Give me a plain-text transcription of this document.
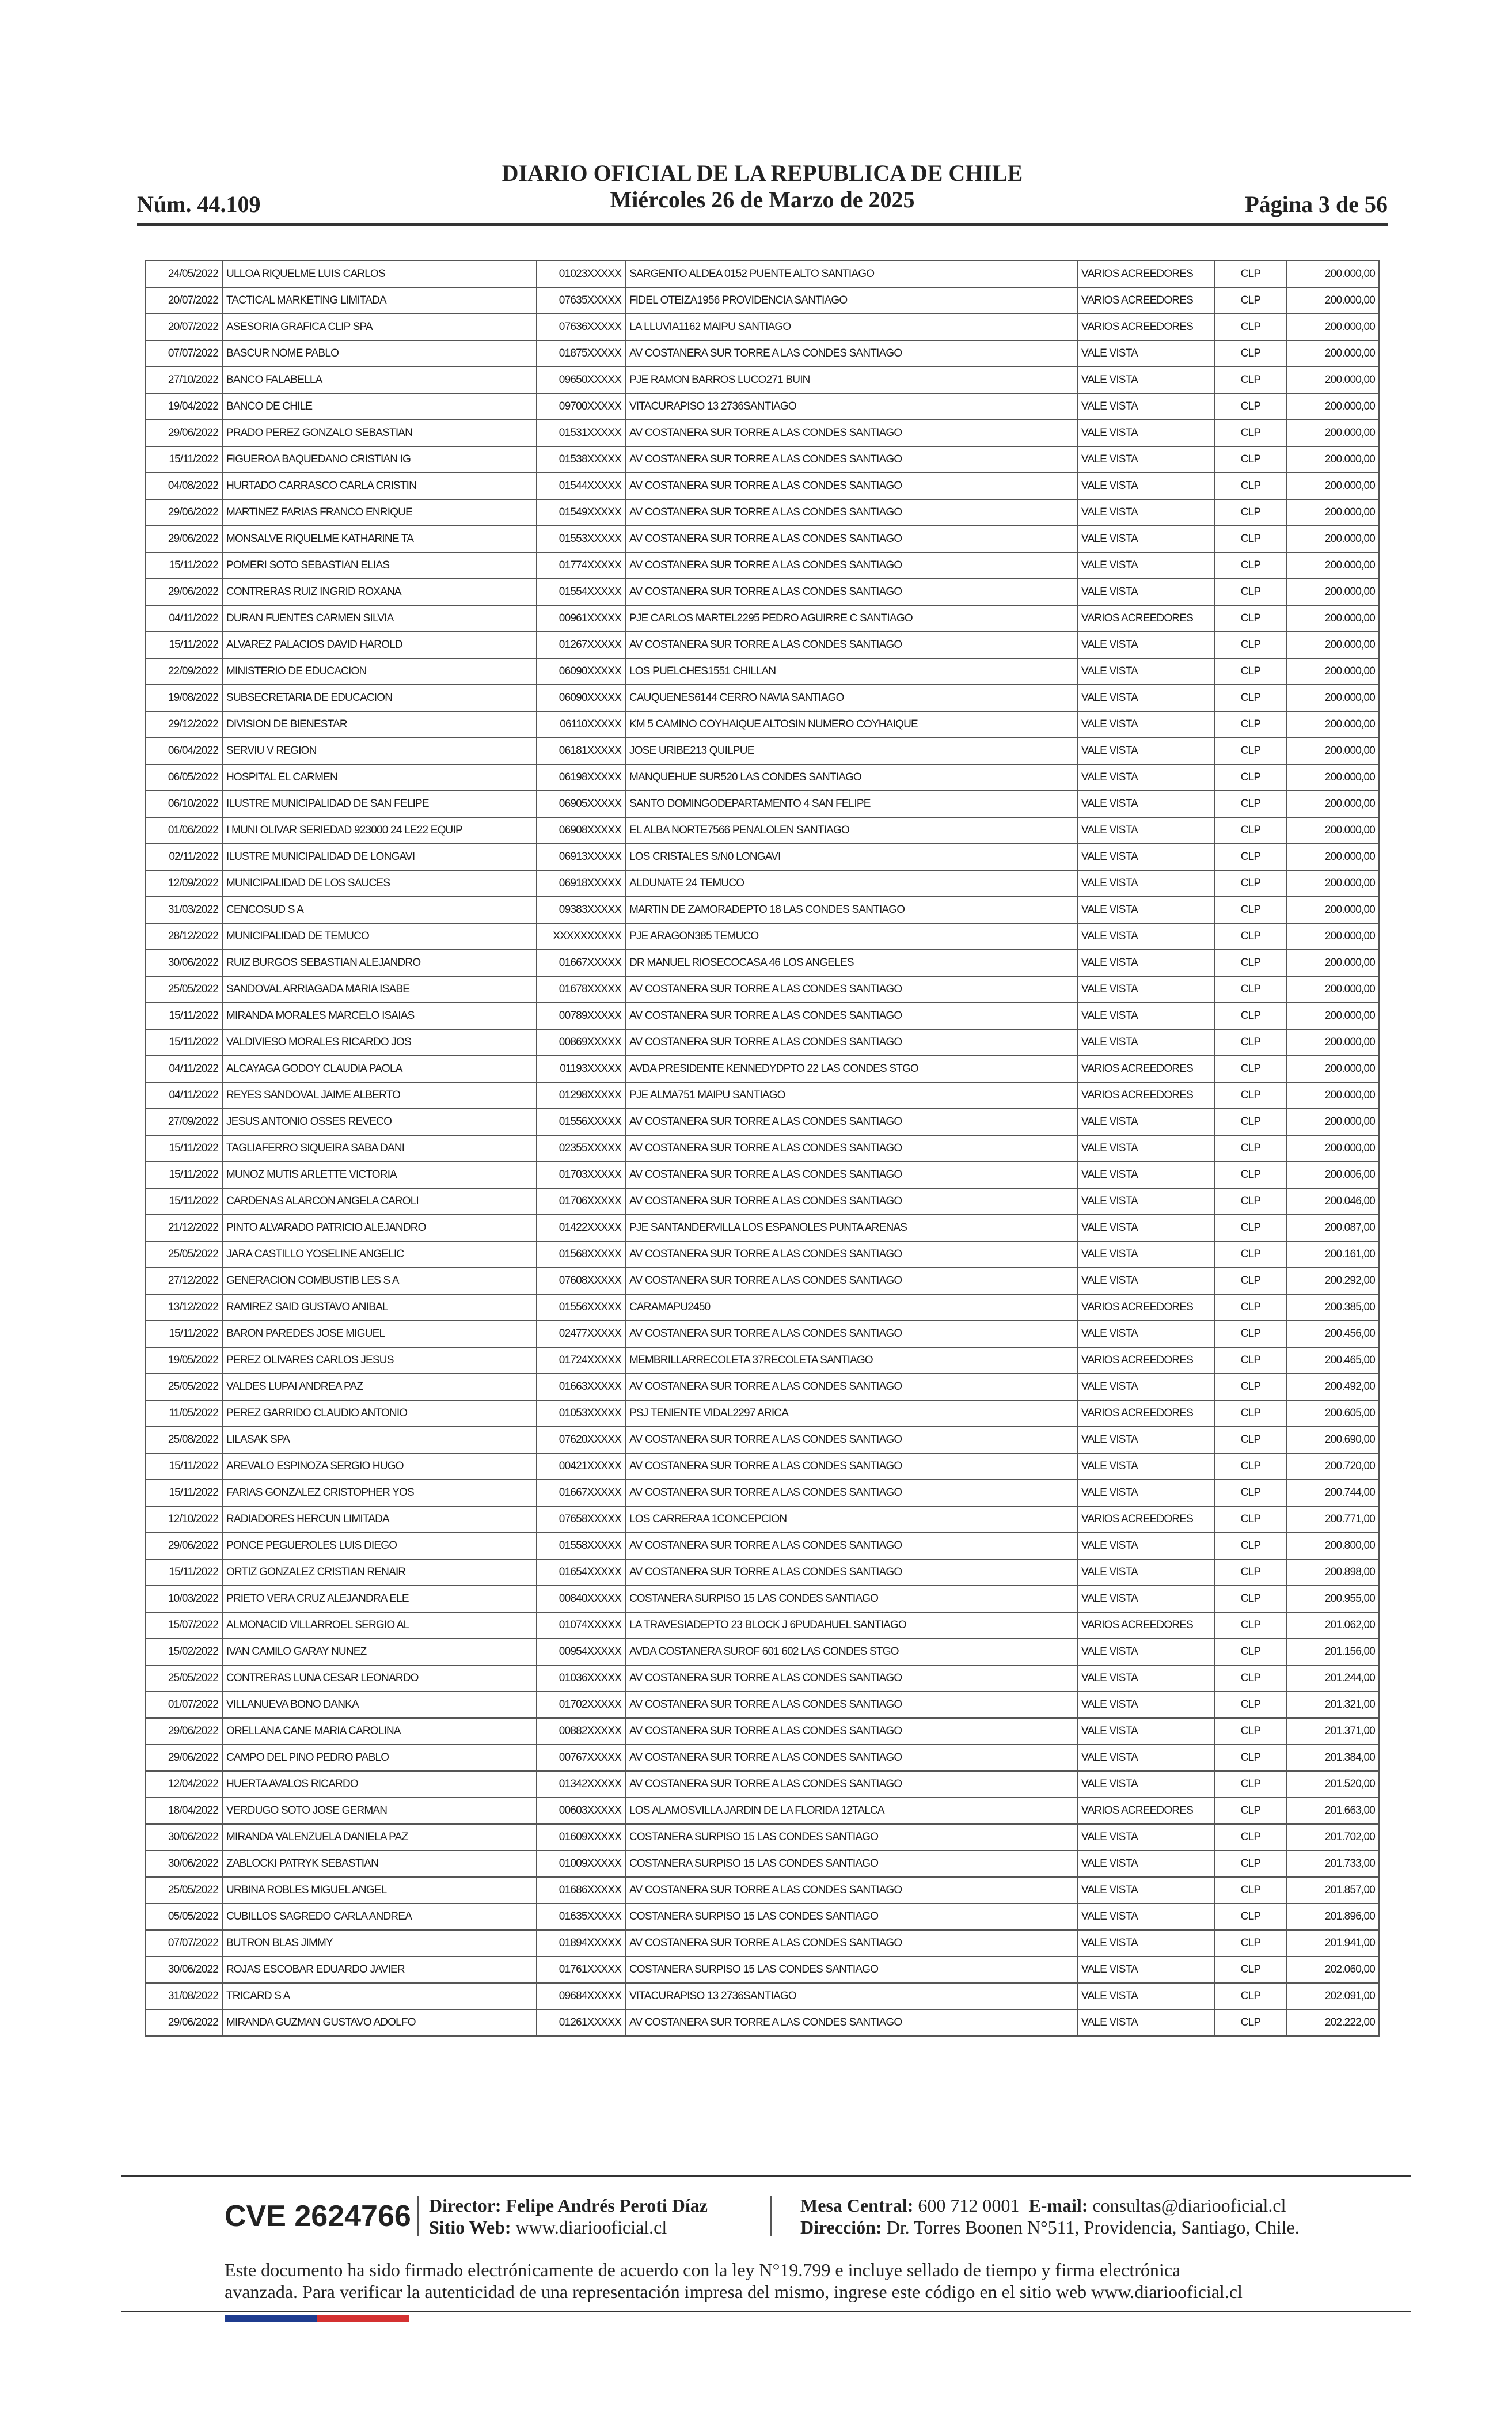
Núm. 44.109
DIARIO OFICIAL DE LA REPUBLICA DE CHILE
Miércoles 26 de Marzo de 2025	Página 3 de 56
24/05/2022	ULLOA RIQUELME LUIS CARLOS	01023XXXXX	SARGENTO ALDEA 0152 PUENTE ALTO SANTIAGO	VARIOS ACREEDORES	CLP	200.000,00
20/07/2022	TACTICAL MARKETING LIMITADA	07635XXXXX	FIDEL OTEIZA1956 PROVIDENCIA SANTIAGO	VARIOS ACREEDORES	CLP	200.000,00
20/07/2022	ASESORIA GRAFICA CLIP SPA	07636XXXXX	LA LLUVIA1162 MAIPU SANTIAGO	VARIOS ACREEDORES	CLP	200.000,00
07/07/2022	BASCUR NOME PABLO	01875XXXXX	AV COSTANERA SUR TORRE A LAS CONDES SANTIAGO	VALE VISTA	CLP	200.000,00
27/10/2022	BANCO FALABELLA	09650XXXXX	PJE RAMON BARROS LUCO271 BUIN	VALE VISTA	CLP	200.000,00
19/04/2022	BANCO DE CHILE	09700XXXXX	VITACURAPISO 13 2736SANTIAGO	VALE VISTA	CLP	200.000,00
29/06/2022	PRADO PEREZ GONZALO SEBASTIAN	01531XXXXX	AV COSTANERA SUR TORRE A LAS CONDES SANTIAGO	VALE VISTA	CLP	200.000,00
15/11/2022	FIGUEROA BAQUEDANO CRISTIAN IG	01538XXXXX	AV COSTANERA SUR TORRE A LAS CONDES SANTIAGO	VALE VISTA	CLP	200.000,00
04/08/2022	HURTADO CARRASCO CARLA CRISTIN	01544XXXXX	AV COSTANERA SUR TORRE A LAS CONDES SANTIAGO	VALE VISTA	CLP	200.000,00
29/06/2022	MARTINEZ FARIAS FRANCO ENRIQUE	01549XXXXX	AV COSTANERA SUR TORRE A LAS CONDES SANTIAGO	VALE VISTA	CLP	200.000,00
29/06/2022	MONSALVE RIQUELME KATHARINE TA	01553XXXXX	AV COSTANERA SUR TORRE A LAS CONDES SANTIAGO	VALE VISTA	CLP	200.000,00
15/11/2022	POMERI SOTO SEBASTIAN ELIAS	01774XXXXX	AV COSTANERA SUR TORRE A LAS CONDES SANTIAGO	VALE VISTA	CLP	200.000,00
29/06/2022	CONTRERAS RUIZ INGRID ROXANA	01554XXXXX	AV COSTANERA SUR TORRE A LAS CONDES SANTIAGO	VALE VISTA	CLP	200.000,00
04/11/2022	DURAN FUENTES CARMEN SILVIA	00961XXXXX	PJE CARLOS MARTEL2295 PEDRO AGUIRRE C SANTIAGO	VARIOS ACREEDORES	CLP	200.000,00
15/11/2022	ALVAREZ PALACIOS DAVID HAROLD	01267XXXXX	AV COSTANERA SUR TORRE A LAS CONDES SANTIAGO	VALE VISTA	CLP	200.000,00
22/09/2022	MINISTERIO DE EDUCACION	06090XXXXX	LOS PUELCHES1551 CHILLAN	VALE VISTA	CLP	200.000,00
19/08/2022	SUBSECRETARIA DE EDUCACION	06090XXXXX	CAUQUENES6144 CERRO NAVIA SANTIAGO	VALE VISTA	CLP	200.000,00
29/12/2022	DIVISION DE BIENESTAR	06110XXXXX	KM 5 CAMINO COYHAIQUE ALTOSIN NUMERO COYHAIQUE	VALE VISTA	CLP	200.000,00
06/04/2022	SERVIU V REGION	06181XXXXX	JOSE URIBE213 QUILPUE	VALE VISTA	CLP	200.000,00
06/05/2022	HOSPITAL EL CARMEN	06198XXXXX	MANQUEHUE SUR520 LAS CONDES SANTIAGO	VALE VISTA	CLP	200.000,00
06/10/2022	ILUSTRE MUNICIPALIDAD DE SAN FELIPE	06905XXXXX	SANTO DOMINGODEPARTAMENTO 4 SAN FELIPE	VALE VISTA	CLP	200.000,00
01/06/2022	I MUNI OLIVAR SERIEDAD 923000 24 LE22 EQUIP	06908XXXXX	EL ALBA NORTE7566 PENALOLEN SANTIAGO	VALE VISTA	CLP	200.000,00
02/11/2022	ILUSTRE MUNICIPALIDAD DE LONGAVI	06913XXXXX	LOS CRISTALES S/N0 LONGAVI	VALE VISTA	CLP	200.000,00
12/09/2022	MUNICIPALIDAD DE LOS SAUCES	06918XXXXX	ALDUNATE 24 TEMUCO	VALE VISTA	CLP	200.000,00
31/03/2022	CENCOSUD S A	09383XXXXX	MARTIN DE ZAMORADEPTO 18 LAS CONDES SANTIAGO	VALE VISTA	CLP	200.000,00
28/12/2022	MUNICIPALIDAD DE TEMUCO	XXXXXXXXXX	PJE ARAGON385 TEMUCO	VALE VISTA	CLP	200.000,00
30/06/2022	RUIZ BURGOS SEBASTIAN ALEJANDRO	01667XXXXX	DR MANUEL RIOSECOCASA 46 LOS ANGELES	VALE VISTA	CLP	200.000,00
25/05/2022	SANDOVAL ARRIAGADA MARIA ISABE	01678XXXXX	AV COSTANERA SUR TORRE A LAS CONDES SANTIAGO	VALE VISTA	CLP	200.000,00
15/11/2022	MIRANDA MORALES MARCELO ISAIAS	00789XXXXX	AV COSTANERA SUR TORRE A LAS CONDES SANTIAGO	VALE VISTA	CLP	200.000,00
15/11/2022	VALDIVIESO MORALES RICARDO JOS	00869XXXXX	AV COSTANERA SUR TORRE A LAS CONDES SANTIAGO	VALE VISTA	CLP	200.000,00
04/11/2022	ALCAYAGA GODOY CLAUDIA PAOLA	01193XXXXX	AVDA PRESIDENTE KENNEDYDPTO 22 LAS CONDES STGO	VARIOS ACREEDORES	CLP	200.000,00
04/11/2022	REYES SANDOVAL JAIME ALBERTO	01298XXXXX	PJE ALMA751 MAIPU SANTIAGO	VARIOS ACREEDORES	CLP	200.000,00
27/09/2022	JESUS ANTONIO OSSES REVECO	01556XXXXX	AV COSTANERA SUR TORRE A LAS CONDES SANTIAGO	VALE VISTA	CLP	200.000,00
15/11/2022	TAGLIAFERRO SIQUEIRA SABA DANI	02355XXXXX	AV COSTANERA SUR TORRE A LAS CONDES SANTIAGO	VALE VISTA	CLP	200.000,00
15/11/2022	MUNOZ MUTIS ARLETTE VICTORIA	01703XXXXX	AV COSTANERA SUR TORRE A LAS CONDES SANTIAGO	VALE VISTA	CLP	200.006,00
15/11/2022	CARDENAS ALARCON ANGELA CAROLI	01706XXXXX	AV COSTANERA SUR TORRE A LAS CONDES SANTIAGO	VALE VISTA	CLP	200.046,00
21/12/2022	PINTO ALVARADO PATRICIO ALEJANDRO	01422XXXXX	PJE SANTANDERVILLA LOS ESPANOLES PUNTA ARENAS	VALE VISTA	CLP	200.087,00
25/05/2022	JARA CASTILLO YOSELINE ANGELIC	01568XXXXX	AV COSTANERA SUR TORRE A LAS CONDES SANTIAGO	VALE VISTA	CLP	200.161,00
27/12/2022	GENERACION COMBUSTIB LES S A	07608XXXXX	AV COSTANERA SUR TORRE A LAS CONDES SANTIAGO	VALE VISTA	CLP	200.292,00
13/12/2022	RAMIREZ SAID GUSTAVO ANIBAL	01556XXXXX	CARAMAPU2450	VARIOS ACREEDORES	CLP	200.385,00
15/11/2022	BARON PAREDES JOSE MIGUEL	02477XXXXX	AV COSTANERA SUR TORRE A LAS CONDES SANTIAGO	VALE VISTA	CLP	200.456,00
19/05/2022	PEREZ OLIVARES CARLOS JESUS	01724XXXXX	MEMBRILLARRECOLETA 37RECOLETA SANTIAGO	VARIOS ACREEDORES	CLP	200.465,00
25/05/2022	VALDES LUPAI ANDREA PAZ	01663XXXXX	AV COSTANERA SUR TORRE A LAS CONDES SANTIAGO	VALE VISTA	CLP	200.492,00
11/05/2022	PEREZ GARRIDO CLAUDIO ANTONIO	01053XXXXX	PSJ TENIENTE VIDAL2297 ARICA	VARIOS ACREEDORES	CLP	200.605,00
25/08/2022	LILASAK SPA	07620XXXXX	AV COSTANERA SUR TORRE A LAS CONDES SANTIAGO	VALE VISTA	CLP	200.690,00
15/11/2022	AREVALO ESPINOZA SERGIO HUGO	00421XXXXX	AV COSTANERA SUR TORRE A LAS CONDES SANTIAGO	VALE VISTA	CLP	200.720,00
15/11/2022	FARIAS GONZALEZ CRISTOPHER YOS	01667XXXXX	AV COSTANERA SUR TORRE A LAS CONDES SANTIAGO	VALE VISTA	CLP	200.744,00
12/10/2022	RADIADORES HERCUN LIMITADA	07658XXXXX	LOS CARRERAA 1CONCEPCION	VARIOS ACREEDORES	CLP	200.771,00
29/06/2022	PONCE PEGUEROLES LUIS DIEGO	01558XXXXX	AV COSTANERA SUR TORRE A LAS CONDES SANTIAGO	VALE VISTA	CLP	200.800,00
15/11/2022	ORTIZ GONZALEZ CRISTIAN RENAIR	01654XXXXX	AV COSTANERA SUR TORRE A LAS CONDES SANTIAGO	VALE VISTA	CLP	200.898,00
10/03/2022	PRIETO VERA CRUZ ALEJANDRA ELE	00840XXXXX	COSTANERA SURPISO 15 LAS CONDES SANTIAGO	VALE VISTA	CLP	200.955,00
15/07/2022	ALMONACID VILLARROEL SERGIO AL	01074XXXXX	LA TRAVESIADEPTO 23 BLOCK J 6PUDAHUEL SANTIAGO	VARIOS ACREEDORES	CLP	201.062,00
15/02/2022	IVAN CAMILO GARAY NUNEZ	00954XXXXX	AVDA COSTANERA SUROF 601 602 LAS CONDES STGO	VALE VISTA	CLP	201.156,00
25/05/2022	CONTRERAS LUNA CESAR LEONARDO	01036XXXXX	AV COSTANERA SUR TORRE A LAS CONDES SANTIAGO	VALE VISTA	CLP	201.244,00
01/07/2022	VILLANUEVA BONO DANKA	01702XXXXX	AV COSTANERA SUR TORRE A LAS CONDES SANTIAGO	VALE VISTA	CLP	201.321,00
29/06/2022	ORELLANA CANE MARIA CAROLINA	00882XXXXX	AV COSTANERA SUR TORRE A LAS CONDES SANTIAGO	VALE VISTA	CLP	201.371,00
29/06/2022	CAMPO DEL PINO PEDRO PABLO	00767XXXXX	AV COSTANERA SUR TORRE A LAS CONDES SANTIAGO	VALE VISTA	CLP	201.384,00
12/04/2022	HUERTA AVALOS RICARDO	01342XXXXX	AV COSTANERA SUR TORRE A LAS CONDES SANTIAGO	VALE VISTA	CLP	201.520,00
18/04/2022	VERDUGO SOTO JOSE GERMAN	00603XXXXX	LOS ALAMOSVILLA JARDIN DE LA FLORIDA 12TALCA	VARIOS ACREEDORES	CLP	201.663,00
30/06/2022	MIRANDA VALENZUELA DANIELA PAZ	01609XXXXX	COSTANERA SURPISO 15 LAS CONDES SANTIAGO	VALE VISTA	CLP	201.702,00
30/06/2022	ZABLOCKI PATRYK SEBASTIAN	01009XXXXX	COSTANERA SURPISO 15 LAS CONDES SANTIAGO	VALE VISTA	CLP	201.733,00
25/05/2022	URBINA ROBLES MIGUEL ANGEL	01686XXXXX	AV COSTANERA SUR TORRE A LAS CONDES SANTIAGO	VALE VISTA	CLP	201.857,00
05/05/2022	CUBILLOS SAGREDO CARLA ANDREA	01635XXXXX	COSTANERA SURPISO 15 LAS CONDES SANTIAGO	VALE VISTA	CLP	201.896,00
07/07/2022	BUTRON BLAS JIMMY	01894XXXXX	AV COSTANERA SUR TORRE A LAS CONDES SANTIAGO	VALE VISTA	CLP	201.941,00
30/06/2022	ROJAS ESCOBAR EDUARDO JAVIER	01761XXXXX	COSTANERA SURPISO 15 LAS CONDES SANTIAGO	VALE VISTA	CLP	202.060,00
31/08/2022	TRICARD S A	09684XXXXX	VITACURAPISO 13 2736SANTIAGO	VALE VISTA	CLP	202.091,00
29/06/2022	MIRANDA GUZMAN GUSTAVO ADOLFO	01261XXXXX	AV COSTANERA SUR TORRE A LAS CONDES SANTIAGO	VALE VISTA	CLP	202.222,00
CVE 2624766 Director: Felipe Andrés Peroti Díaz
Sitio Web: www.diariooficial.cl
Mesa Central: 600 712 0001 E-mail: consultas@diariooficial.cl
Dirección: Dr. Torres Boonen N°511, Providencia, Santiago, Chile.
Este documento ha sido firmado electrónicamente de acuerdo con la ley N°19.799 e incluye sellado de tiempo y firma electrónica
avanzada. Para verificar la autenticidad de una representación impresa del mismo, ingrese este código en el sitio web www.diariooficial.cl
